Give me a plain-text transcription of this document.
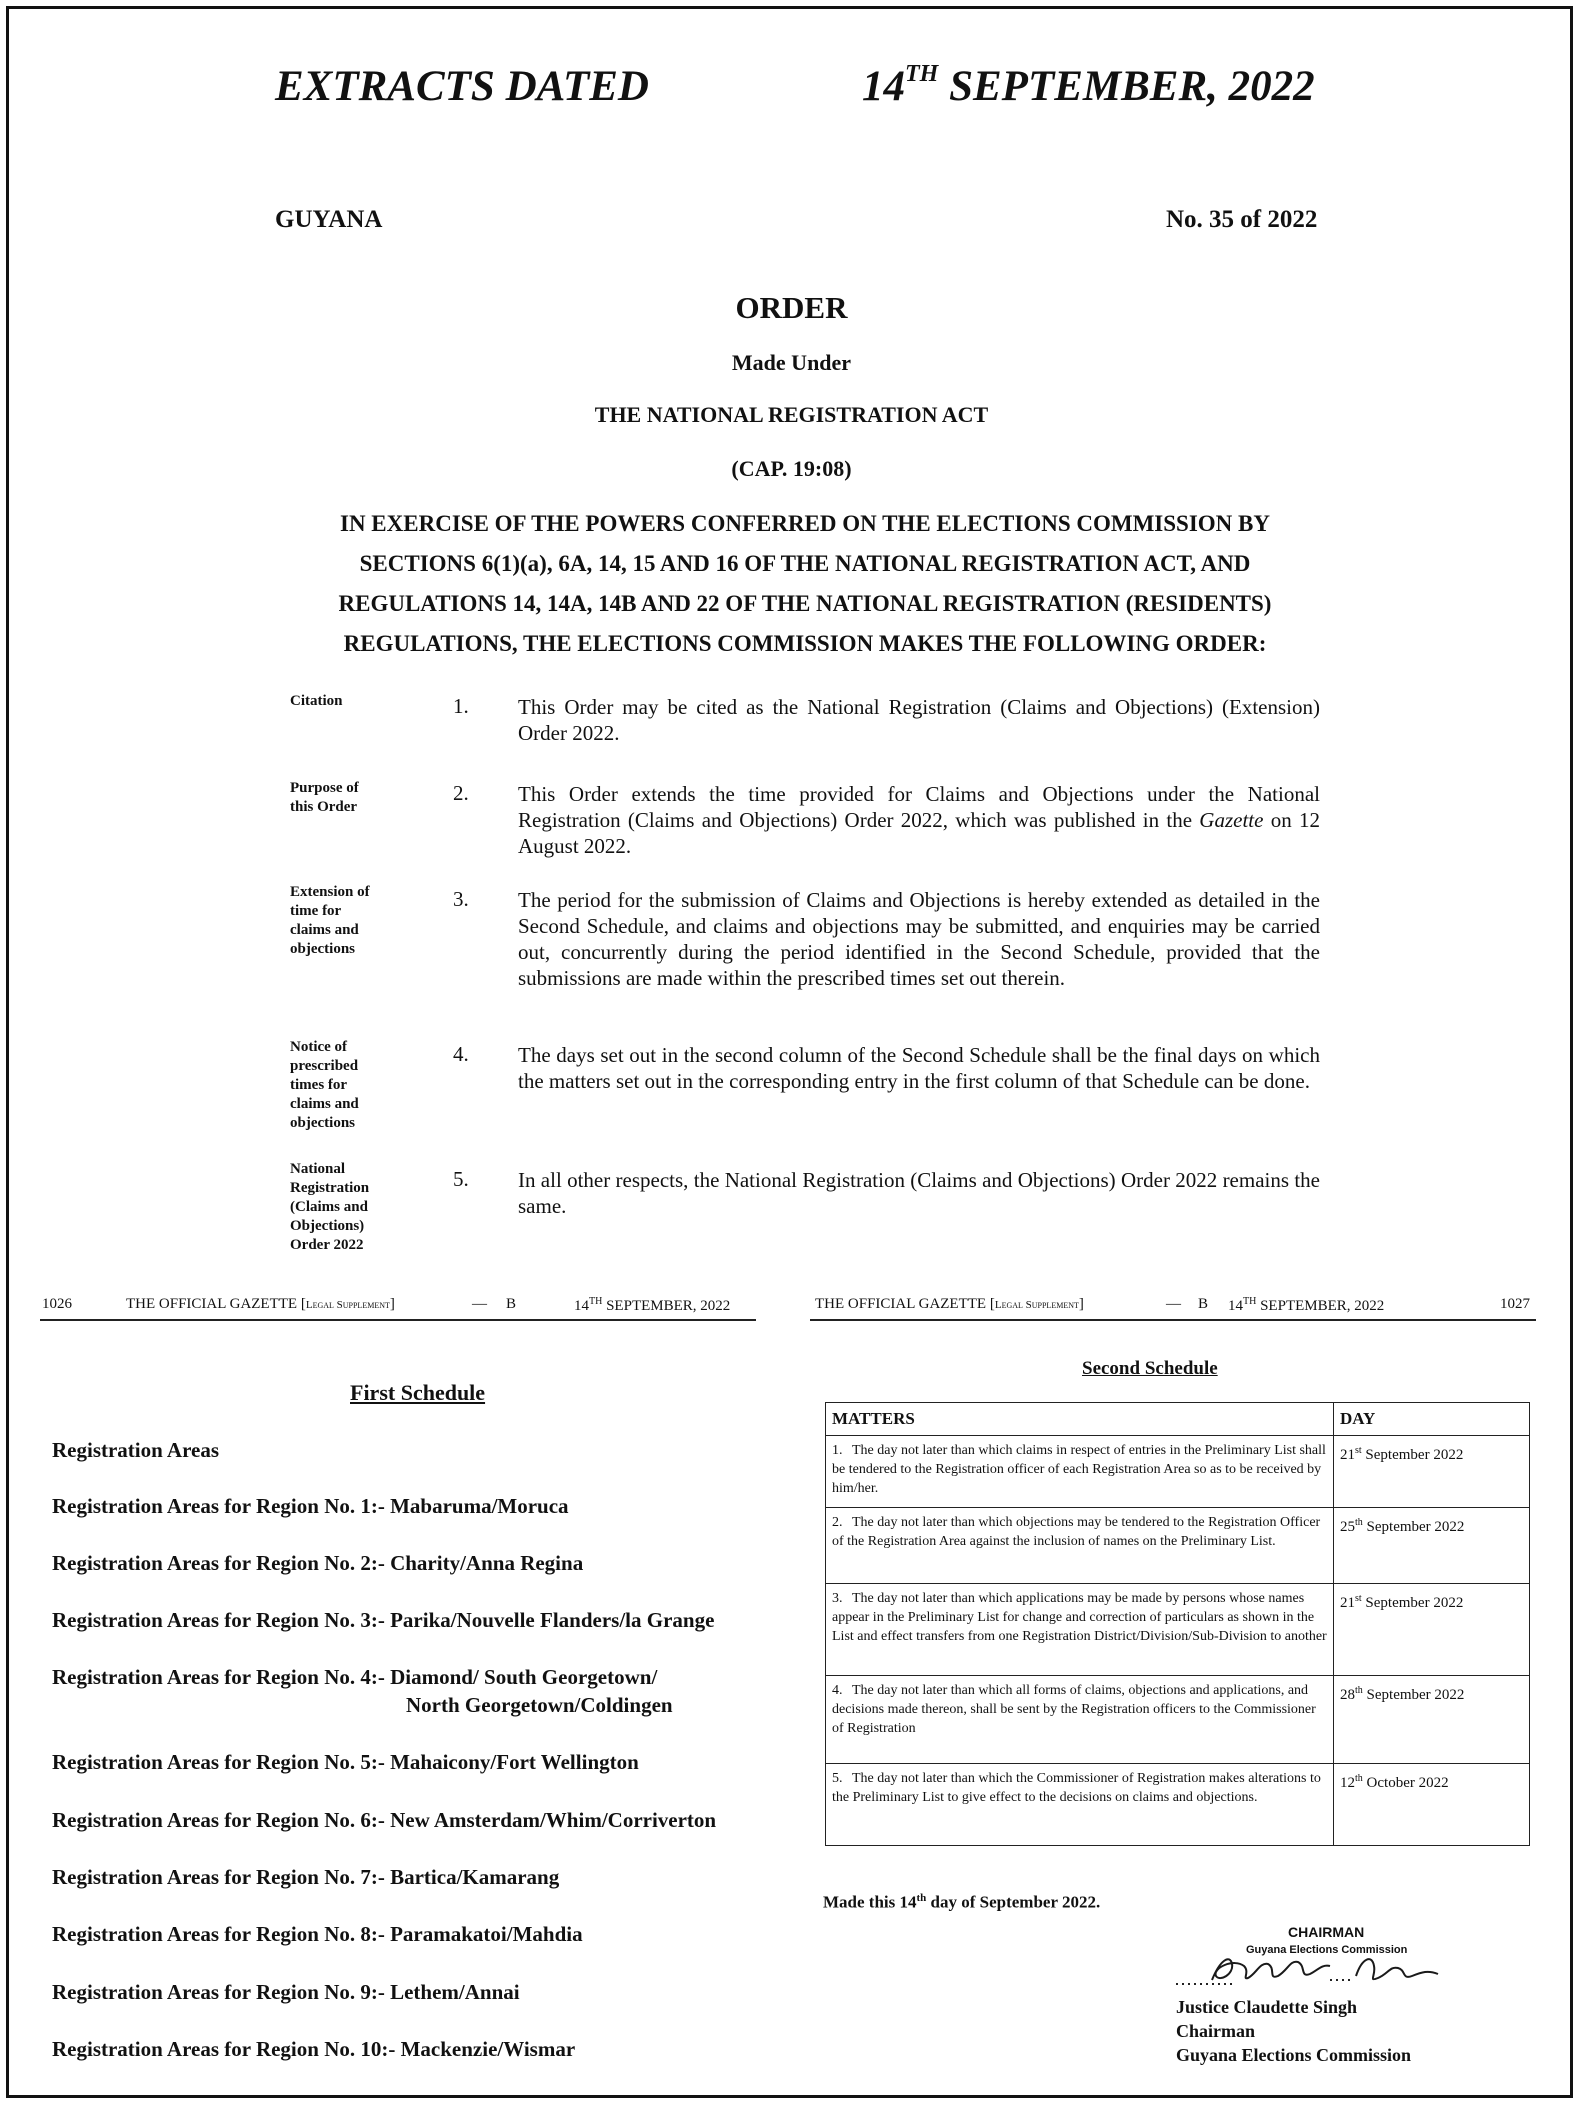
EXTRACTS DATED	14TH SEPTEMBER, 2022
GUYANA	No. 35 of 2022
ORDER
Made Under
THE NATIONAL REGISTRATION ACT
(CAP. 19:08)
IN EXERCISE OF THE POWERS CONFERRED ON THE ELECTIONS COMMISSION BY
SECTIONS 6(1)(a), 6A, 14, 15 AND 16 OF THE NATIONAL REGISTRATION ACT, AND
REGULATIONS 14, 14A, 14B AND 22 OF THE NATIONAL REGISTRATION (RESIDENTS)
REGULATIONS, THE ELECTIONS COMMISSION MAKES THE FOLLOWING ORDER:
Citation	1. This Order may be cited as the National Registration (Claims and Objections) (Extension) Order 2022.
Purpose of
this Order
2. This Order extends the time provided for Claims and Objections under the National Registration (Claims and Objections) Order 2022, which was published in the Gazette on 12 August 2022.
Extension of
time for
claims and
objections
3. The period for the submission of Claims and Objections is hereby extended as detailed in the Second Schedule, and claims and objections may be submitted, and enquiries may be carried out, concurrently during the period identified in the Second Schedule, provided that the submissions are made within the prescribed times set out therein.
Notice of
prescribed
times for
claims and
objections
4. The days set out in the second column of the Second Schedule shall be the final days on which the matters set out in the corresponding entry in the first column of that Schedule can be done.
National
Registration
(Claims and
Objections)
Order 2022
5. In all other respects, the National Registration (Claims and Objections) Order 2022 remains the same.
1026	THE OFFICIAL GAZETTE [Legal Supplement]	— B	14TH SEPTEMBER, 2022	THE OFFICIAL GAZETTE [Legal Supplement]	— B 14TH SEPTEMBER, 2022	1027
First Schedule
Registration Areas
Registration Areas for Region No. 1:- Mabaruma/Moruca
Registration Areas for Region No. 2:- Charity/Anna Regina
Registration Areas for Region No. 3:- Parika/Nouvelle Flanders/la Grange
Registration Areas for Region No. 4:- Diamond/ South Georgetown/
North Georgetown/Coldingen
Registration Areas for Region No. 5:- Mahaicony/Fort Wellington
Registration Areas for Region No. 6:- New Amsterdam/Whim/Corriverton
Registration Areas for Region No. 7:- Bartica/Kamarang
Registration Areas for Region No. 8:- Paramakatoi/Mahdia
Registration Areas for Region No. 9:- Lethem/Annai
Registration Areas for Region No. 10:- Mackenzie/Wismar
Second Schedule
MATTERS	DAY
1. The day not later than which claims in respect of entries in the Preliminary List shall be tendered to the Registration officer of each Registration Area so as to be received by him/her.	21st September 2022
2. The day not later than which objections may be tendered to the Registration Officer of the Registration Area against the inclusion of names on the Preliminary List.	25th September 2022
3. The day not later than which applications may be made by persons whose names appear in the Preliminary List for change and correction of particulars as shown in the List and effect transfers from one Registration District/Division/Sub-Division to another	21st September 2022
4. The day not later than which all forms of claims, objections and applications, and decisions made thereon, shall be sent by the Registration officers to the Commissioner of Registration	28th September 2022
5. The day not later than which the Commissioner of Registration makes alterations to the Preliminary List to give effect to the decisions on claims and objections.	12th October 2022
Made this 14th day of September 2022.
CHAIRMAN
Guyana Elections Commission
Justice Claudette Singh
Chairman
Guyana Elections Commission
